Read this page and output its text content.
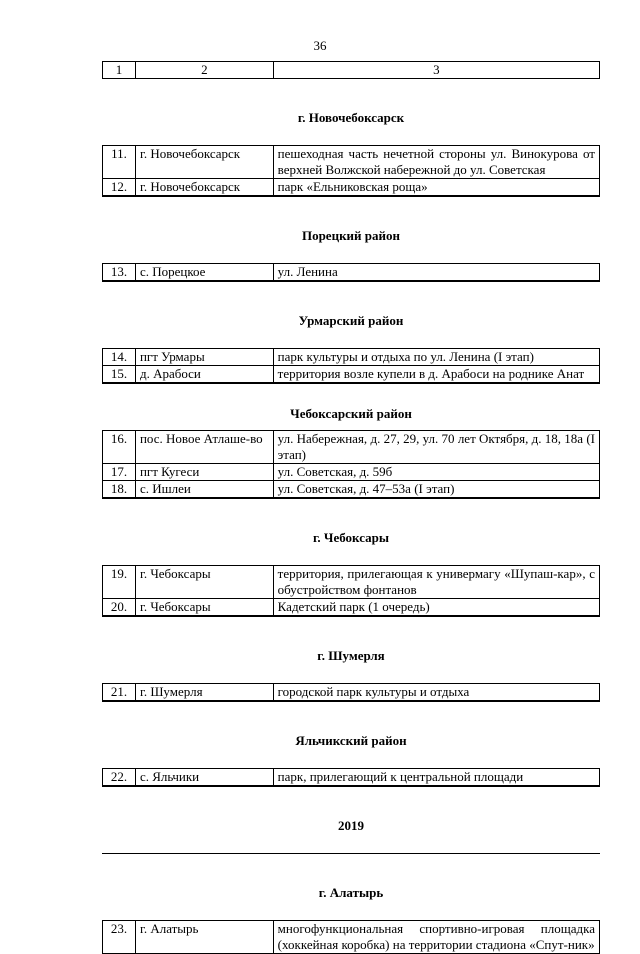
36
1	2	3
г. Новочебоксарск
11.	г. Новочебоксарск	пешеходная часть нечетной стороны ул. Винокурова от верхней Волжской набережной до ул. Советская
12. г. Новочебоксарск	парк «Ельниковская роща»
Порецкий район
13. с. Порецкое	ул. Ленина
Урмарский район
14. пгт Урмары	парк культуры и отдыха по ул. Ленина (I этап)
15. д. Арабоси	территория возле купели в д. Арабоси на роднике Анат
Чебоксарский район
16. пос. Новое Атлаше-во	ул. Набережная, д. 27, 29, ул. 70 лет Октября, д. 18, 18а (I этап)
17. пгт Кугеси	ул. Советская, д. 59б
18. с. Ишлеи	ул. Советская, д. 47–53а (I этап)
г. Чебоксары
19. г. Чебоксары	территория, прилегающая к универмагу «Шупаш-кар», с обустройством фонтанов
20. г. Чебоксары	Кадетский парк (1 очередь)
г. Шумерля
21. г. Шумерля	городской парк культуры и отдыха
Яльчикский район
22. с. Яльчики	парк, прилегающий к центральной площади
2019
г. Алатырь
23. г. Алатырь	многофункциональная спортивно-игровая площадка (хоккейная коробка) на территории стадиона «Спут-ник»
